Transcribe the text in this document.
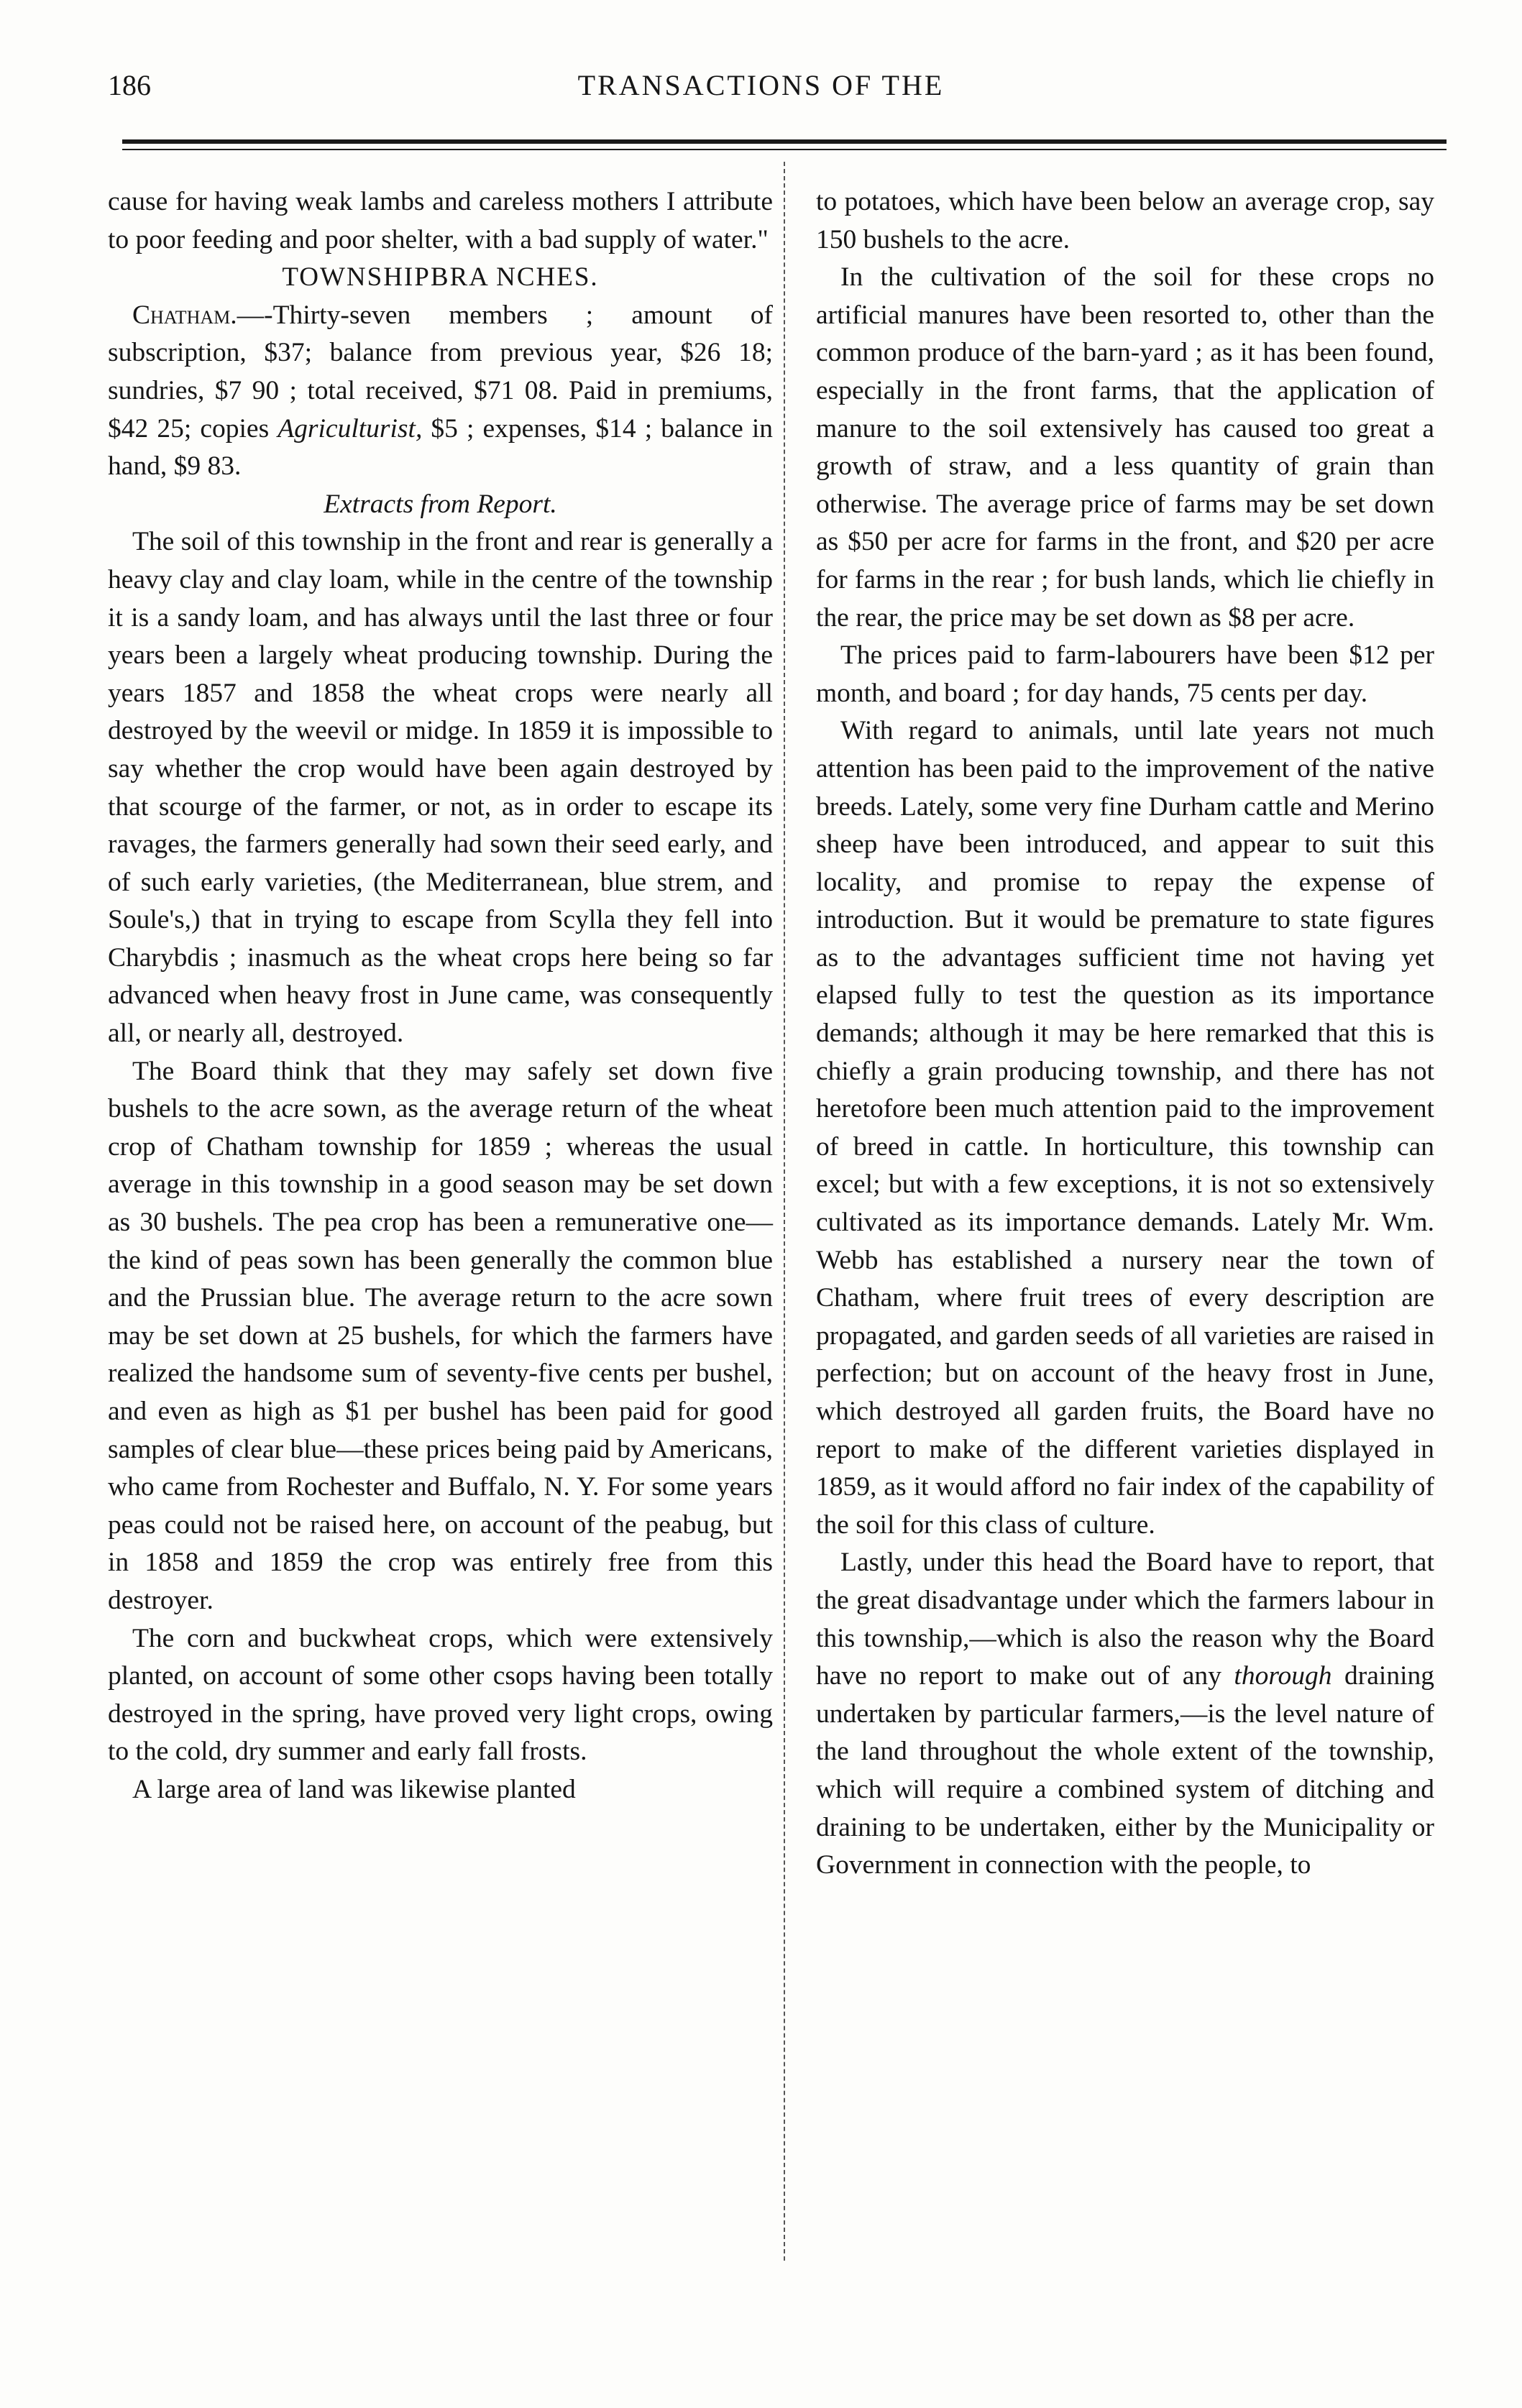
186	TRANSACTIONS OF THE

cause for having weak lambs and careless mothers I attribute to poor feeding and poor shelter, with a bad supply of water."

TOWNSHIPBRA NCHES.

Chatham.—-Thirty-seven members ; amount of subscription, $37; balance from previous year, $26 18; sundries, $7 90 ; total received, $71 08. Paid in premiums, $42 25; copies Agriculturist, $5 ; expenses, $14 ; balance in hand, $9 83.

Extracts from Report.

The soil of this township in the front and rear is generally a heavy clay and clay loam, while in the centre of the township it is a sandy loam, and has always until the last three or four years been a largely wheat producing township. During the years 1857 and 1858 the wheat crops were nearly all destroyed by the weevil or midge. In 1859 it is impossible to say whether the crop would have been again destroyed by that scourge of the farmer, or not, as in order to escape its ravages, the farmers generally had sown their seed early, and of such early varieties, (the Mediterranean, blue strem, and Soule's,) that in trying to escape from Scylla they fell into Charybdis ; inasmuch as the wheat crops here being so far advanced when heavy frost in June came, was consequently all, or nearly all, destroyed.

The Board think that they may safely set down five bushels to the acre sown, as the average return of the wheat crop of Chatham township for 1859 ; whereas the usual average in this township in a good season may be set down as 30 bushels. The pea crop has been a remunerative one—the kind of peas sown has been generally the common blue and the Prussian blue. The average return to the acre sown may be set down at 25 bushels, for which the farmers have realized the handsome sum of seventy-five cents per bushel, and even as high as $1 per bushel has been paid for good samples of clear blue—these prices being paid by Americans, who came from Rochester and Buffalo, N. Y. For some years peas could not be raised here, on account of the peabug, but in 1858 and 1859 the crop was entirely free from this destroyer.

The corn and buckwheat crops, which were extensively planted, on account of some other csops having been totally destroyed in the spring, have proved very light crops, owing to the cold, dry summer and early fall frosts.

A large area of land was likewise planted

to potatoes, which have been below an average crop, say 150 bushels to the acre.

In the cultivation of the soil for these crops no artificial manures have been resorted to, other than the common produce of the barn-yard ; as it has been found, especially in the front farms, that the application of manure to the soil extensively has caused too great a growth of straw, and a less quantity of grain than otherwise. The average price of farms may be set down as $50 per acre for farms in the front, and $20 per acre for farms in the rear ; for bush lands, which lie chiefly in the rear, the price may be set down as $8 per acre.

The prices paid to farm-labourers have been $12 per month, and board ; for day hands, 75 cents per day.

With regard to animals, until late years not much attention has been paid to the improvement of the native breeds. Lately, some very fine Durham cattle and Merino sheep have been introduced, and appear to suit this locality, and promise to repay the expense of introduction. But it would be premature to state figures as to the advantages sufficient time not having yet elapsed fully to test the question as its importance demands; although it may be here remarked that this is chiefly a grain producing township, and there has not heretofore been much attention paid to the improvement of breed in cattle. In horticulture, this township can excel; but with a few exceptions, it is not so extensively cultivated as its importance demands. Lately Mr. Wm. Webb has established a nursery near the town of Chatham, where fruit trees of every description are propagated, and garden seeds of all varieties are raised in perfection; but on account of the heavy frost in June, which destroyed all garden fruits, the Board have no report to make of the different varieties displayed in 1859, as it would afford no fair index of the capability of the soil for this class of culture.

Lastly, under this head the Board have to report, that the great disadvantage under which the farmers labour in this township,—which is also the reason why the Board have no report to make out of any thorough draining undertaken by particular farmers,—is the level nature of the land throughout the whole extent of the township, which will require a combined system of ditching and draining to be undertaken, either by the Municipality or Government in connection with the people, to
